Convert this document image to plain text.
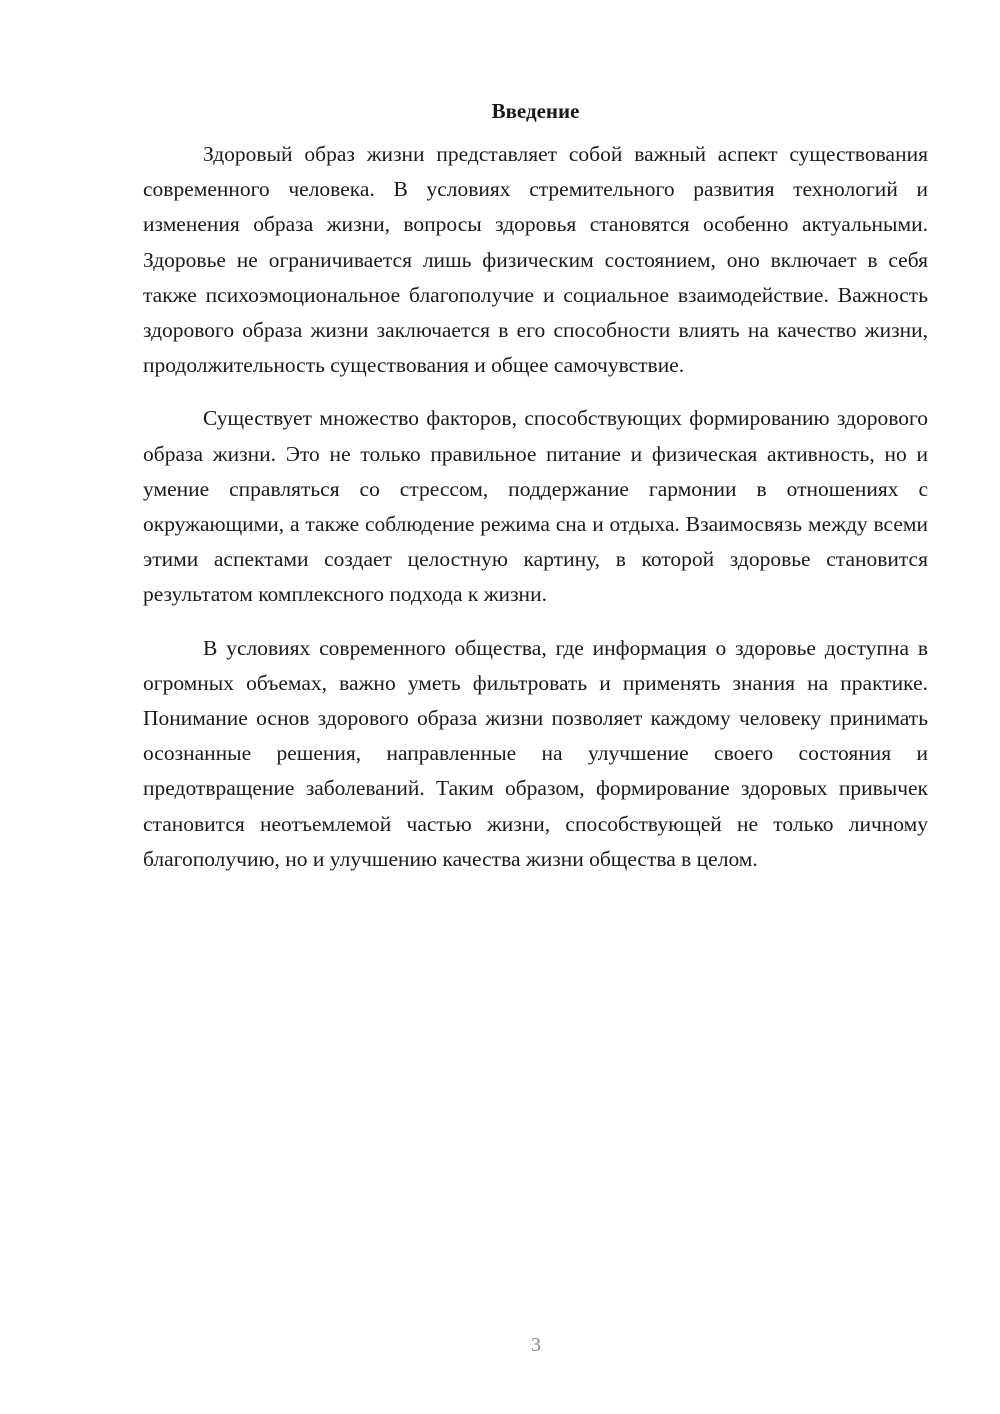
Введение

Здоровый образ жизни представляет собой важный аспект существования современного человека. В условиях стремительного развития технологий и изменения образа жизни, вопросы здоровья становятся особенно актуальными. Здоровье не ограничивается лишь физическим состоянием, оно включает в себя также психоэмоциональное благополучие и социальное взаимодействие. Важность здорового образа жизни заключается в его способности влиять на качество жизни, продолжительность существования и общее самочувствие.

Существует множество факторов, способствующих формированию здорового образа жизни. Это не только правильное питание и физическая активность, но и умение справляться со стрессом, поддержание гармонии в отношениях с окружающими, а также соблюдение режима сна и отдыха. Взаимосвязь между всеми этими аспектами создает целостную картину, в которой здоровье становится результатом комплексного подхода к жизни.

В условиях современного общества, где информация о здоровье доступна в огромных объемах, важно уметь фильтровать и применять знания на практике. Понимание основ здорового образа жизни позволяет каждому человеку принимать осознанные решения, направленные на улучшение своего состояния и предотвращение заболеваний. Таким образом, формирование здоровых привычек становится неотъемлемой частью жизни, способствующей не только личному благополучию, но и улучшению качества жизни общества в целом.

3
